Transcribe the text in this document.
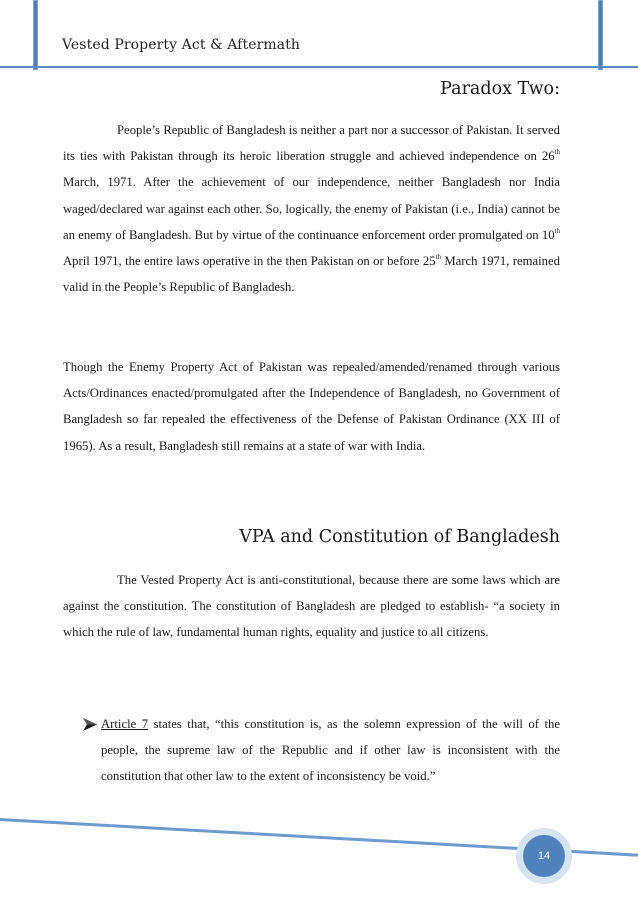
Vested Property Act & Aftermath
Paradox Two:

People’s Republic of Bangladesh is neither a part nor a successor of Pakistan. It served its ties with Pakistan through its heroic liberation struggle and achieved independence on 26th March, 1971. After the achievement of our independence, neither Bangladesh nor India waged/declared war against each other. So, logically, the enemy of Pakistan (i.e., India) cannot be an enemy of Bangladesh. But by virtue of the continuance enforcement order promulgated on 10th April 1971, the entire laws operative in the then Pakistan on or before 25th March 1971, remained valid in the People’s Republic of Bangladesh.

Though the Enemy Property Act of Pakistan was repealed/amended/renamed through various Acts/Ordinances enacted/promulgated after the Independence of Bangladesh, no Government of Bangladesh so far repealed the effectiveness of the Defense of Pakistan Ordinance (XX III of 1965). As a result, Bangladesh still remains at a state of war with India.

VPA and Constitution of Bangladesh

The Vested Property Act is anti-constitutional, because there are some laws which are against the constitution. The constitution of Bangladesh are pledged to establish- “a society in which the rule of law, fundamental human rights, equality and justice to all citizens.

Article 7 states that, “this constitution is, as the solemn expression of the will of the people, the supreme law of the Republic and if other law is inconsistent with the constitution that other law to the extent of inconsistency be void.”
14
